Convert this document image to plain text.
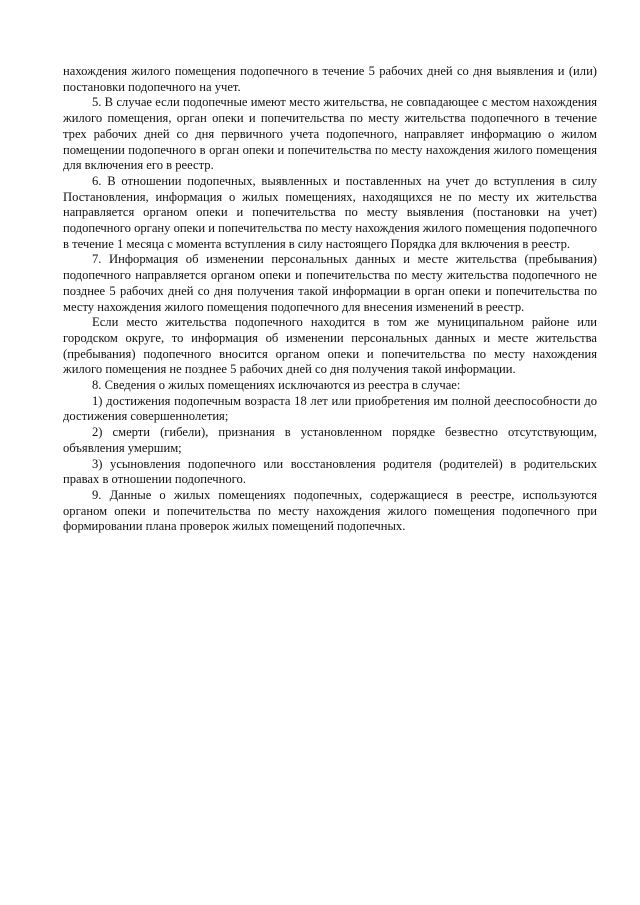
нахождения жилого помещения подопечного в течение 5 рабочих дней со дня выявления и (или) постановки подопечного на учет.

5. В случае если подопечные имеют место жительства, не совпадающее с местом нахождения жилого помещения, орган опеки и попечительства по месту жительства подопечного в течение трех рабочих дней со дня первичного учета подопечного, направляет информацию о жилом помещении подопечного в орган опеки и попечительства по месту нахождения жилого помещения для включения его в реестр.

6. В отношении подопечных, выявленных и поставленных на учет до вступления в силу Постановления, информация о жилых помещениях, находящихся не по месту их жительства направляется органом опеки и попечительства по месту выявления (постановки на учет) подопечного органу опеки и попечительства по месту нахождения жилого помещения подопечного в течение 1 месяца с момента вступления в силу настоящего Порядка для включения в реестр.

7. Информация об изменении персональных данных и месте жительства (пребывания) подопечного направляется органом опеки и попечительства по месту жительства подопечного не позднее 5 рабочих дней со дня получения такой информации в орган опеки и попечительства по месту нахождения жилого помещения подопечного для внесения изменений в реестр.

Если место жительства подопечного находится в том же муниципальном районе или городском округе, то информация об изменении персональных данных и месте жительства (пребывания) подопечного вносится органом опеки и попечительства по месту нахождения жилого помещения не позднее 5 рабочих дней со дня получения такой информации.

8. Сведения о жилых помещениях исключаются из реестра в случае:

1) достижения подопечным возраста 18 лет или приобретения им полной дееспособности до достижения совершеннолетия;

2) смерти (гибели), признания в установленном порядке безвестно отсутствующим, объявления умершим;

3) усыновления подопечного или восстановления родителя (родителей) в родительских правах в отношении подопечного.

9. Данные о жилых помещениях подопечных, содержащиеся в реестре, используются органом опеки и попечительства по месту нахождения жилого помещения подопечного при формировании плана проверок жилых помещений подопечных.
